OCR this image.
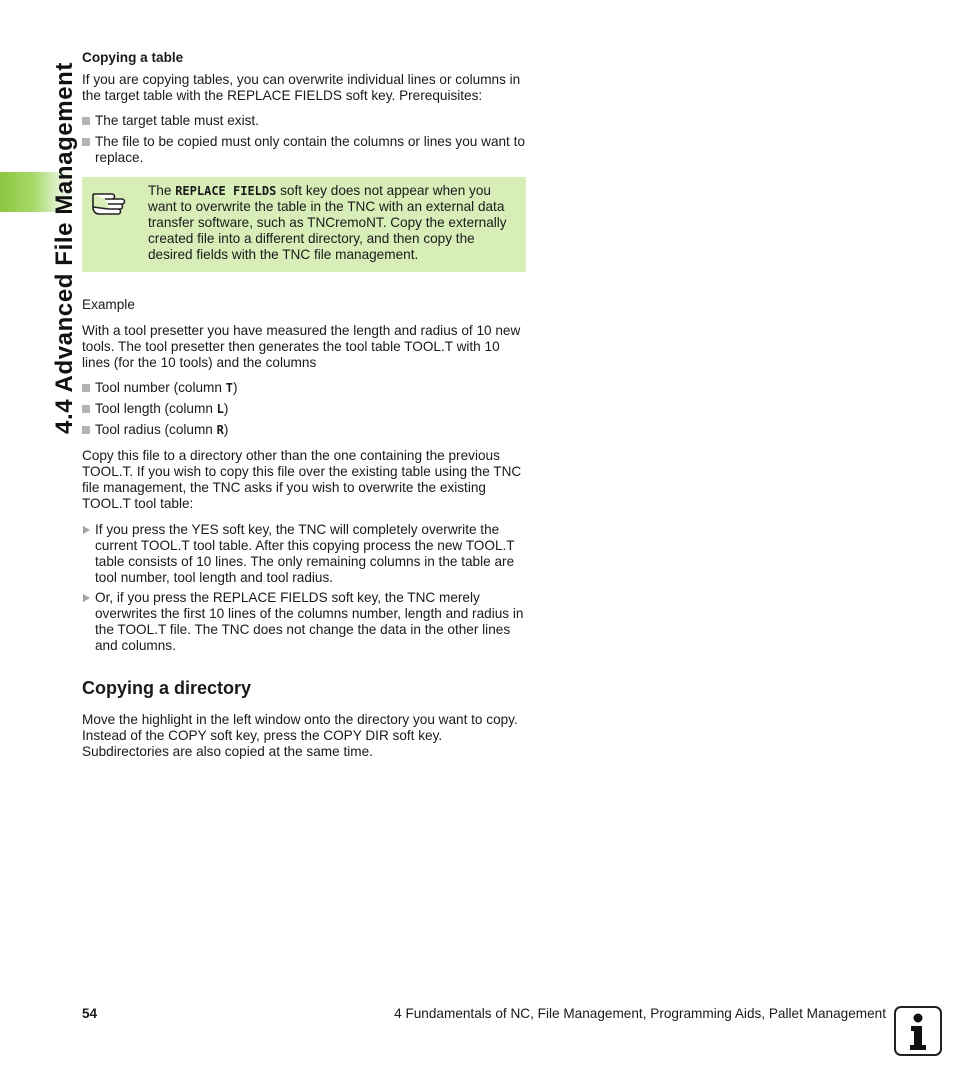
4.4 Advanced File Management
Copying a table

If you are copying tables, you can overwrite individual lines or columns in the target table with the REPLACE FIELDS soft key. Prerequisites:

The target table must exist.
The file to be copied must only contain the columns or lines you want to replace.

Example

With a tool presetter you have measured the length and radius of 10 new tools. The tool presetter then generates the tool table TOOL.T with 10 lines (for the 10 tools) and the columns

Tool number (column T)
Tool length (column L)
Tool radius (column R)

Copy this file to a directory other than the one containing the previous TOOL.T. If you wish to copy this file over the existing table using the TNC file management, the TNC asks if you wish to overwrite the existing TOOL.T tool table:

If you press the YES soft key, the TNC will completely overwrite the current TOOL.T tool table. After this copying process the new TOOL.T table consists of 10 lines. The only remaining columns in the table are tool number, tool length and tool radius.
Or, if you press the REPLACE FIELDS soft key, the TNC merely overwrites the first 10 lines of the columns number, length and radius in the TOOL.T file. The TNC does not change the data in the other lines and columns.
Copying a directory

Move the highlight in the left window onto the directory you want to copy. Instead of the COPY soft key, press the COPY DIR soft key. Subdirectories are also copied at the same time.

The REPLACE FIELDS soft key does not appear when you want to overwrite the table in the TNC with an external data transfer software, such as TNCremoNT. Copy the externally created file into a different directory, and then copy the desired fields with the TNC file management.
54	4 Fundamentals of NC, File Management, Programming Aids, Pallet Management
